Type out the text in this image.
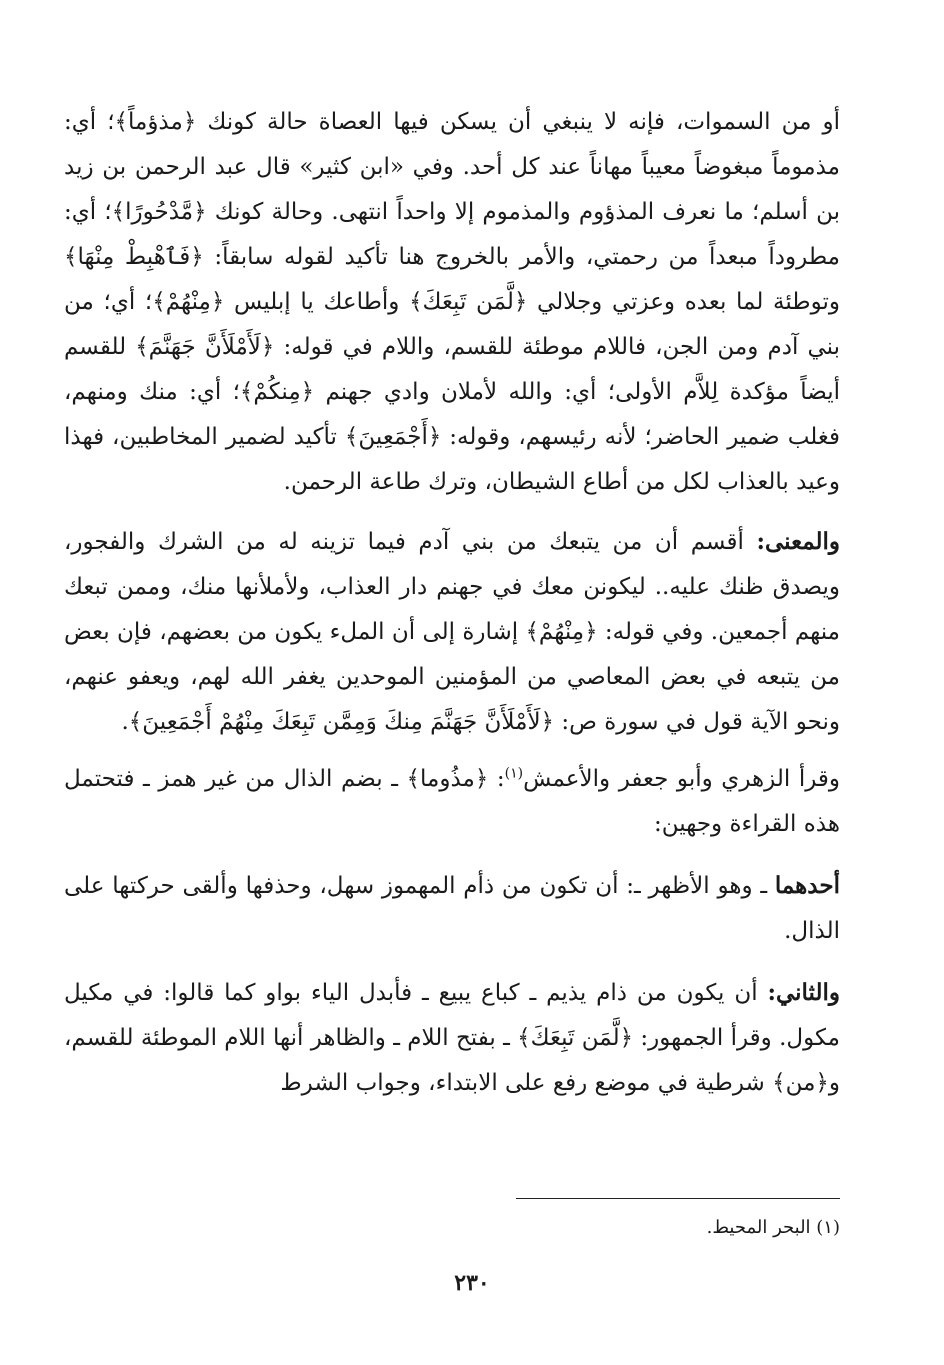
أو من السموات، فإنه لا ينبغي أن يسكن فيها العصاة حالة كونك ﴿مذؤماً﴾؛ أي: مذموماً مبغوضاً معيباً مهاناً عند كل أحد. وفي «ابن كثير» قال عبد الرحمن بن زيد بن أسلم؛ ما نعرف المذؤوم والمذموم إلا واحداً انتهى. وحالة كونك ﴿مَّدْحُورًا﴾؛ أي: مطروداً مبعداً من رحمتي، والأمر بالخروج هنا تأكيد لقوله سابقاً: ﴿فَٱهْبِطْ مِنْهَا﴾ وتوطئة لما بعده وعزتي وجلالي ﴿لَّمَن تَبِعَكَ﴾ وأطاعك يا إبليس ﴿مِنْهُمْ﴾؛ أي؛ من بني آدم ومن الجن، فاللام موطئة للقسم، واللام في قوله: ﴿لَأَمْلَأَنَّ جَهَنَّمَ﴾ للقسم أيضاً مؤكدة لِلاَّم الأولى؛ أي: والله لأملان وادي جهنم ﴿مِنكُمْ﴾؛ أي: منك ومنهم، فغلب ضمير الحاضر؛ لأنه رئيسهم، وقوله: ﴿أَجْمَعِينَ﴾ تأكيد لضمير المخاطبين، فهذا وعيد بالعذاب لكل من أطاع الشيطان، وترك طاعة الرحمن.

والمعنى: أقسم أن من يتبعك من بني آدم فيما تزينه له من الشرك والفجور، ويصدق ظنك عليه.. ليكونن معك في جهنم دار العذاب، ولأملأنها منك، وممن تبعك منهم أجمعين. وفي قوله: ﴿مِنْهُمْ﴾ إشارة إلى أن الملء يكون من بعضهم، فإن بعض من يتبعه في بعض المعاصي من المؤمنين الموحدين يغفر الله لهم، ويعفو عنهم، ونحو الآية قول في سورة ص: ﴿لَأَمْلَأَنَّ جَهَنَّمَ مِنكَ وَمِمَّن تَبِعَكَ مِنْهُمْ أَجْمَعِينَ﴾.

وقرأ الزهري وأبو جعفر والأعمش$^{(١)}$: ﴿مذُوما﴾ ـ بضم الذال من غير همز ـ فتحتمل هذه القراءة وجهين:

أحدهما ـ وهو الأظهر ـ: أن تكون من ذأم المهموز سهل، وحذفها وألقى حركتها على الذال.

والثاني: أن يكون من ذام يذيم ـ كباع يبيع ـ فأبدل الياء بواو كما قالوا: في مكيل مكول. وقرأ الجمهور: ﴿لَّمَن تَبِعَكَ﴾ ـ بفتح اللام ـ والظاهر أنها اللام الموطئة للقسم، و﴿من﴾ شرطية في موضع رفع على الابتداء، وجواب الشرط

(١) البحر المحيط.
٢٣٠
